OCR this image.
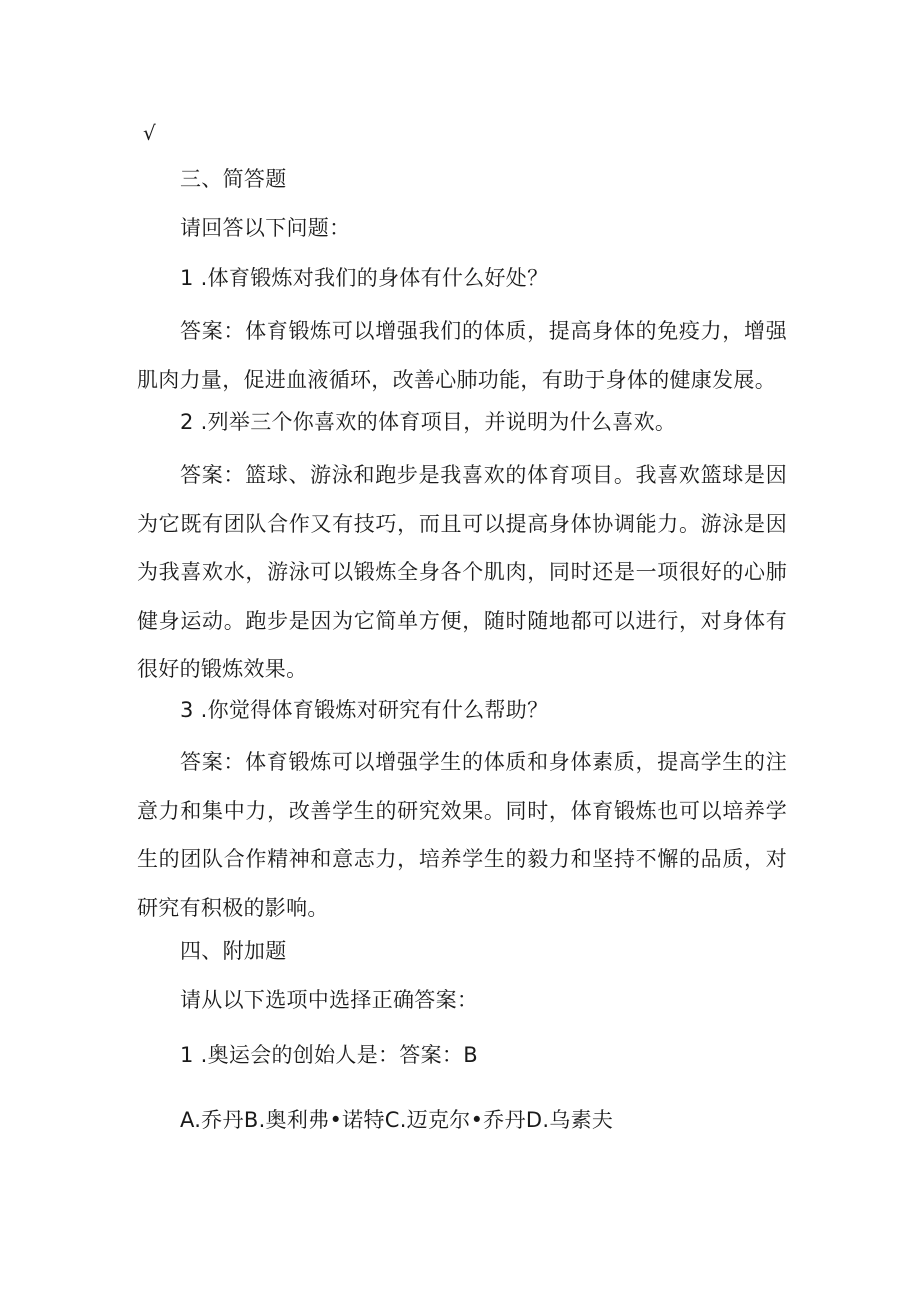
√
三、简答题
请回答以下问题：
1 .体育锻炼对我们的身体有什么好处？
答案：体育锻炼可以增强我们的体质，提高身体的免疫力，增强肌肉力量，促进血液循环，改善心肺功能，有助于身体的健康发展。
2 .列举三个你喜欢的体育项目，并说明为什么喜欢。
答案：篮球、游泳和跑步是我喜欢的体育项目。我喜欢篮球是因为它既有团队合作又有技巧，而且可以提高身体协调能力。游泳是因为我喜欢水，游泳可以锻炼全身各个肌肉，同时还是一项很好的心肺健身运动。跑步是因为它简单方便，随时随地都可以进行，对身体有很好的锻炼效果。
3 .你觉得体育锻炼对研究有什么帮助？
答案：体育锻炼可以增强学生的体质和身体素质，提高学生的注意力和集中力，改善学生的研究效果。同时，体育锻炼也可以培养学生的团队合作精神和意志力，培养学生的毅力和坚持不懈的品质，对研究有积极的影响。
四、附加题
请从以下选项中选择正确答案：
1 .奥运会的创始人是：答案：B
A.乔丹B.奥利弗•诺特C.迈克尔•乔丹D.乌素夫
